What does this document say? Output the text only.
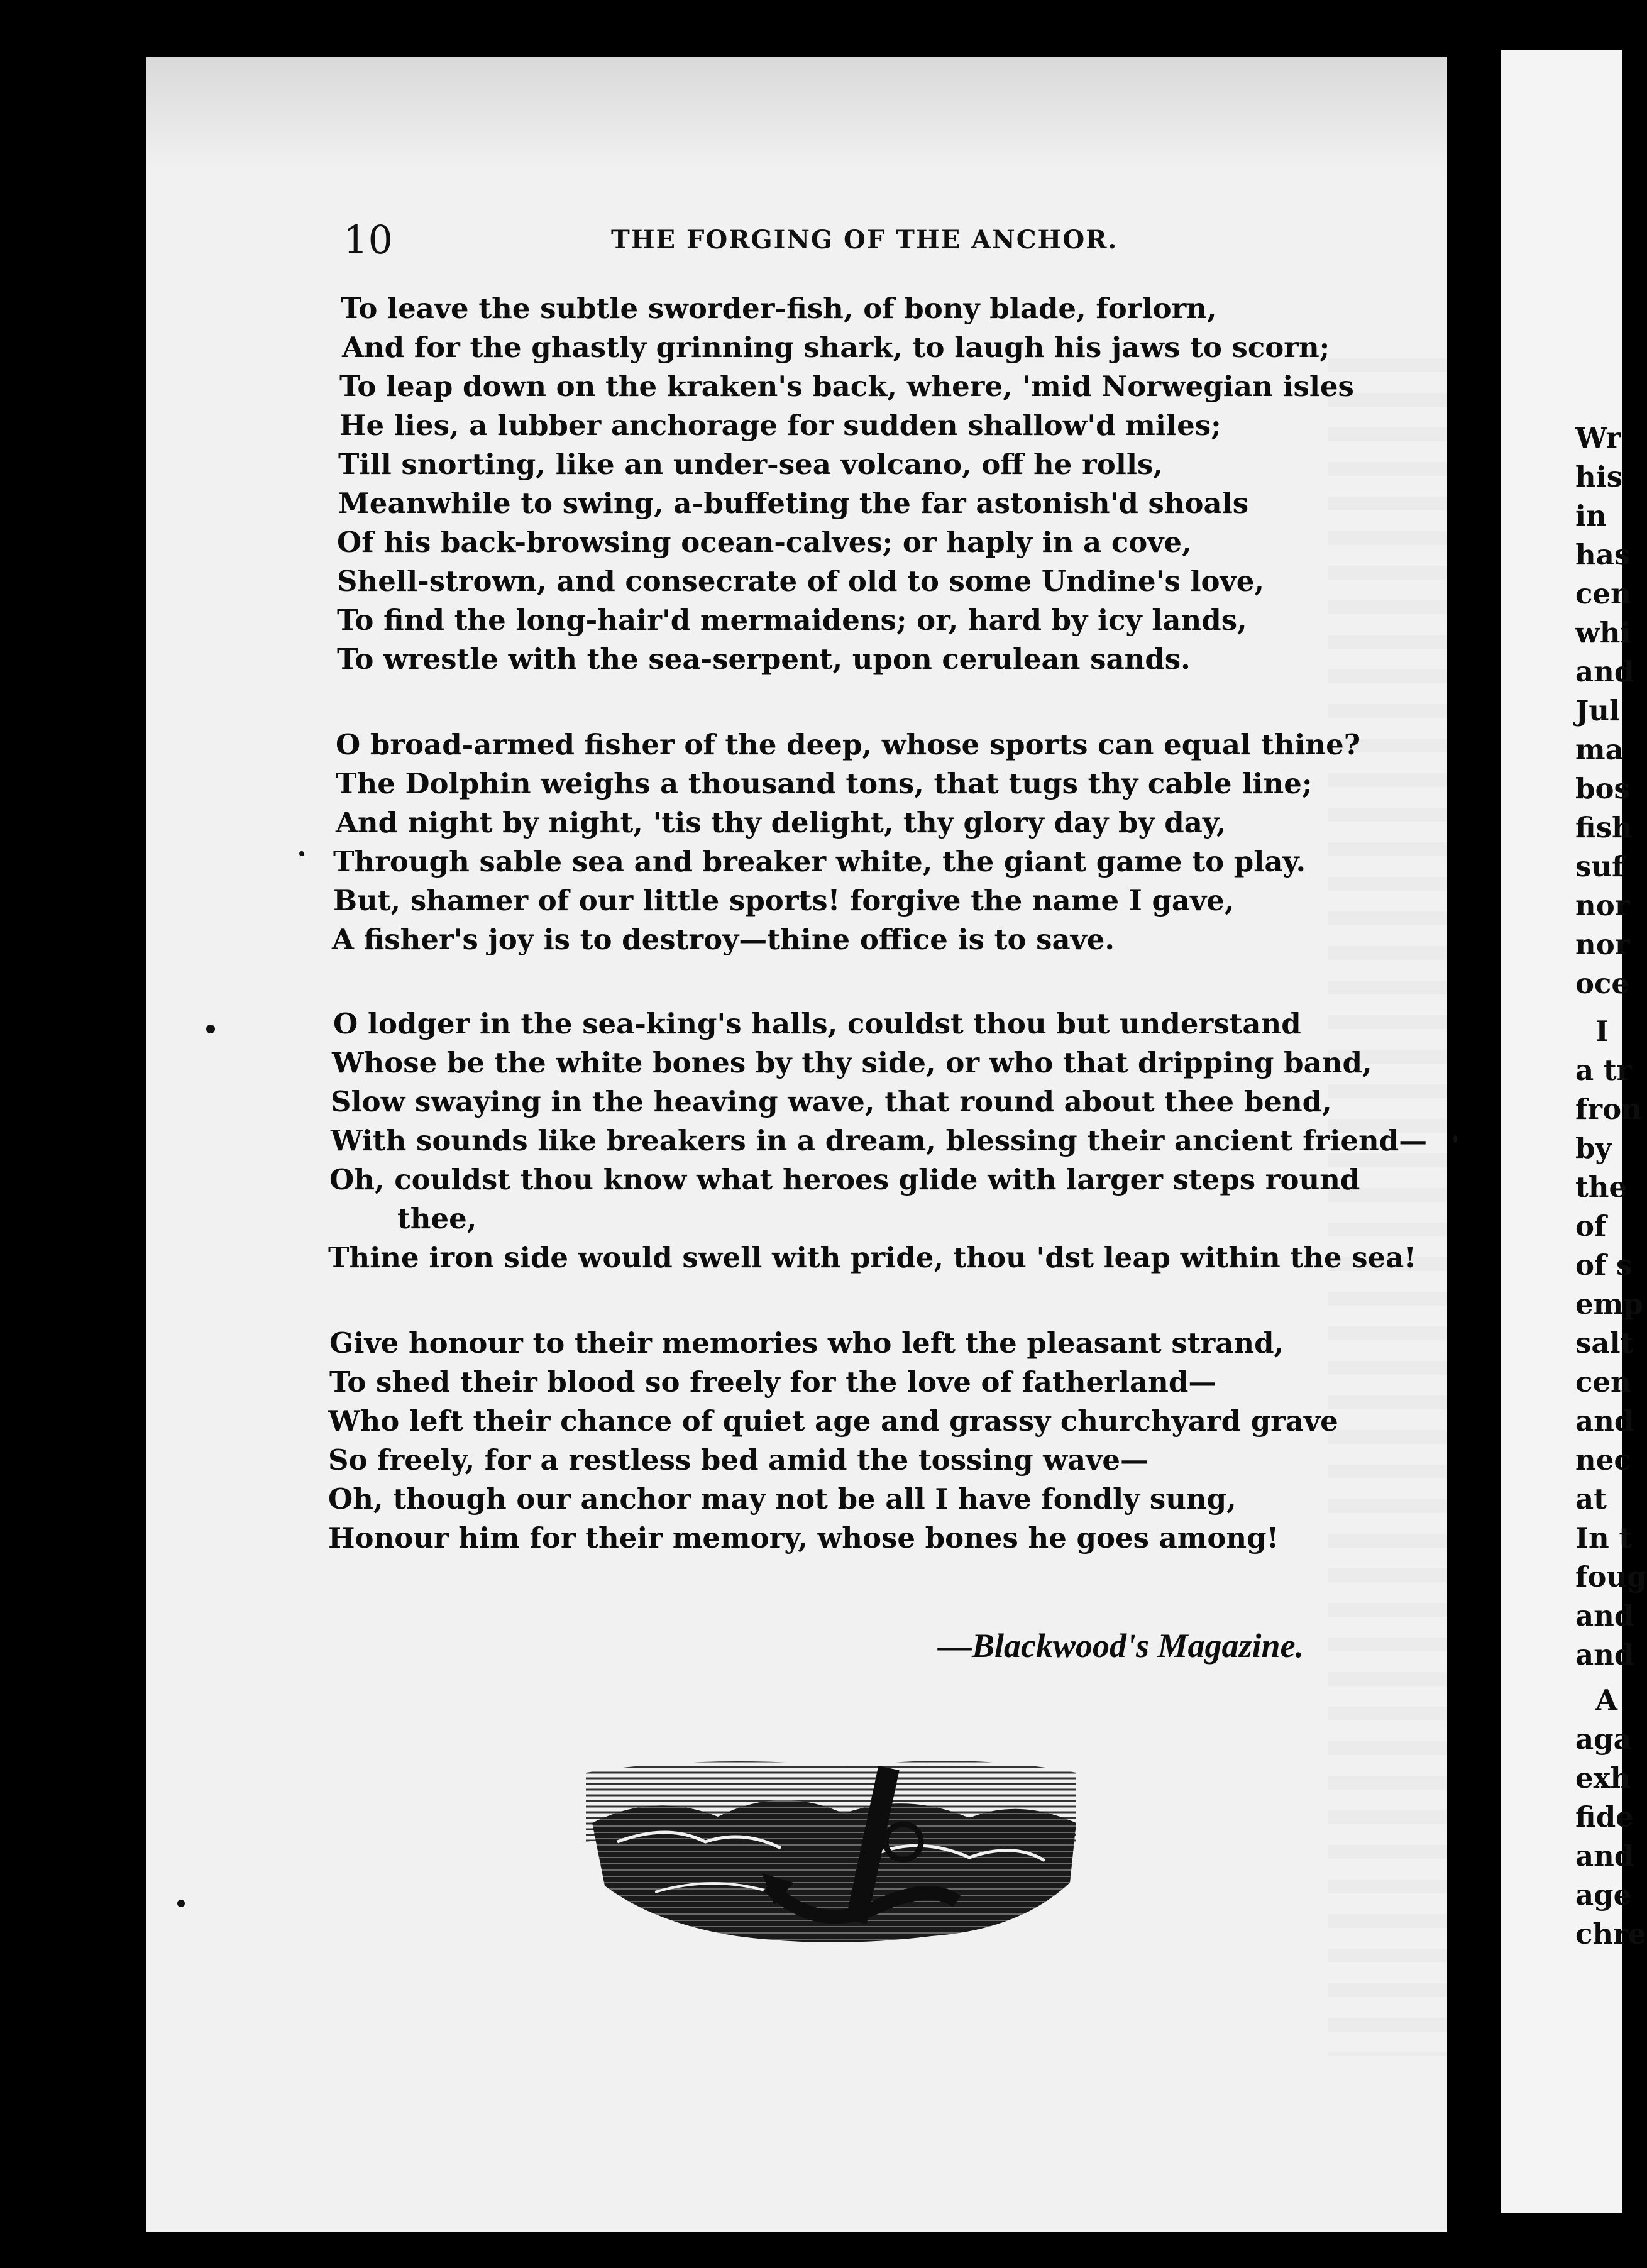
10	THE FORGING OF THE ANCHOR.
To leave the subtle sworder-fish, of bony blade, forlorn,
And for the ghastly grinning shark, to laugh his jaws to scorn;
To leap down on the kraken's back, where, 'mid Norwegian isles
He lies, a lubber anchorage for sudden shallow'd miles;
Till snorting, like an under-sea volcano, off he rolls,
Meanwhile to swing, a-buffeting the far astonish'd shoals
Of his back-browsing ocean-calves; or haply in a cove,
Shell-strown, and consecrate of old to some Undine's love,
To find the long-hair'd mermaidens; or, hard by icy lands,
To wrestle with the sea-serpent, upon cerulean sands.
O broad-armed fisher of the deep, whose sports can equal thine?
The Dolphin weighs a thousand tons, that tugs thy cable line;
And night by night, 'tis thy delight, thy glory day by day,
Through sable sea and breaker white, the giant game to play.
But, shamer of our little sports! forgive the name I gave,
A fisher's joy is to destroy—thine office is to save.
O lodger in the sea-king's halls, couldst thou but understand
Whose be the white bones by thy side, or who that dripping band,
Slow swaying in the heaving wave, that round about thee bend,
With sounds like breakers in a dream, blessing their ancient friend—
Oh, couldst thou know what heroes glide with larger steps round
thee,
Thine iron side would swell with pride, thou 'dst leap within the sea!
Give honour to their memories who left the pleasant strand,
To shed their blood so freely for the love of fatherland—
Who left their chance of quiet age and grassy churchyard grave
So freely, for a restless bed amid the tossing wave—
Oh, though our anchor may not be all I have fondly sung,
Honour him for their memory, whose bones he goes among!
—Blackwood's Magazine.
Wr
his
in
has
cen
whi
and
Jul
ma
bos
fish
suf
nor
nor
oce
I
a tr
fron
by
the
of
of s
emp
salt
cen
and
nec
at
In t
foug
and
and
A
aga
exh
fide
and
age
chre
